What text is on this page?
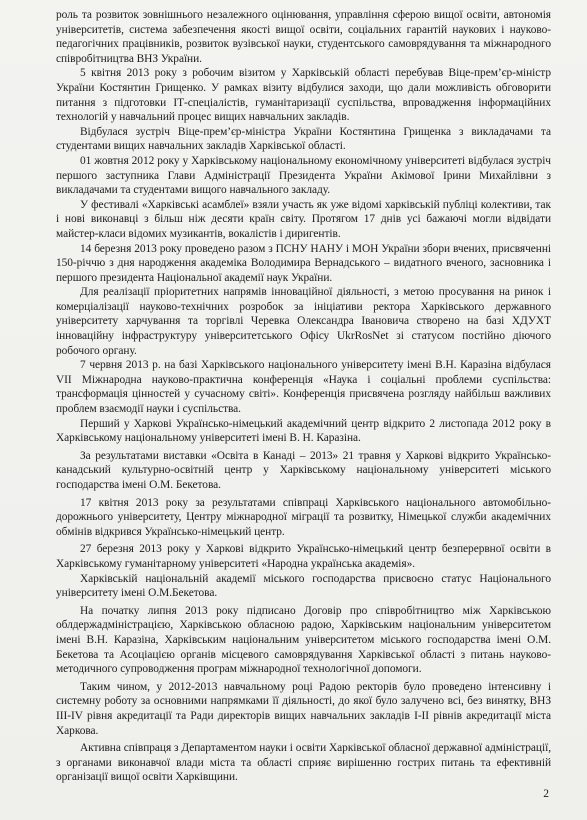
роль та розвиток зовнішнього незалежного оцінювання, управління сферою вищої освіти, автономія університетів, система забезпечення якості вищої освіти, соціальних гарантій наукових і науково-педагогічних працівників, розвиток вузівської науки, студентського самоврядування та міжнародного співробітництва ВНЗ України.

5 квітня 2013 року з робочим візитом у Харківській області перебував Віце-прем’єр-міністр України Костянтин Грищенко. У рамках візиту відбулися заходи, що дали можливість обговорити питання з підготовки ІТ-спеціалістів, гуманітаризації суспільства, впровадження інформаційних технологій у навчальний процес вищих навчальних закладів.

Відбулася зустріч Віце-прем’єр-міністра України Костянтина Грищенка з викладачами та студентами вищих навчальних закладів Харківської області.

01 жовтня 2012 року у Харківському національному економічному університеті відбулася зустріч першого заступника Глави Адміністрації Президента України Акімової Ірини Михайлівни з викладачами та студентами вищого навчального закладу.

У фестивалі «Харківські асамблеї» взяли участь як уже відомі харківській публіці колективи, так і нові виконавці з більш ніж десяти країн світу. Протягом 17 днів усі бажаючі могли відвідати майстер-класи відомих музикантів, вокалістів і диригентів.

14 березня 2013 року проведено разом з ПСНУ НАНУ і МОН України збори вчених, присвяченні 150-річчю з дня народження академіка Володимира Вернадського – видатного вченого, засновника і першого президента Національної академії наук України.

Для реалізації пріоритетних напрямів інноваційної діяльності, з метою просування на ринок і комерціалізації науково-технічних розробок за ініціативи ректора Харківського державного університету харчування та торгівлі Черевка Олександра Івановича створено на базі ХДУХТ інноваційну інфраструктуру університетського Офісу UkrRosNet зі статусом постійно діючого робочого органу.

7 червня 2013 р. на базі Харківського національного університету імені В.Н. Каразіна відбулася VII Міжнародна науково-практична конференція «Наука і соціальні проблеми суспільства: трансформація цінностей у сучасному світі». Конференція присвячена розгляду найбільш важливих проблем взаємодії науки і суспільства.

Перший у Харкові Українсько-німецький академічний центр відкрито 2 листопада 2012 року в Харківському національному університеті імені В. Н. Каразіна.

За результатами виставки «Освіта в Канаді – 2013» 21 травня у Харкові відкрито Українсько-канадський культурно-освітній центр у Харківському національному університеті міського господарства імені О.М. Бекетова.

17 квітня 2013 року за результатами співпраці Харківського національного автомобільно-дорожнього університету, Центру міжнародної міграції та розвитку, Німецької служби академічних обмінів відкрився Українсько-німецький центр.

27 березня 2013 року у Харкові відкрито Українсько-німецький центр безперервної освіти в Харківському гуманітарному університеті «Народна українська академія».

Харківській національній академії міського господарства присвоєно статус Національного університету імені О.М.Бекетова.

На початку липня 2013 року підписано Договір про співробітництво між Харківською облдержадміністрацією, Харківською обласною радою, Харківським національним університетом імені В.Н. Каразіна, Харківським національним університетом міського господарства імені О.М. Бекетова та Асоціацією органів місцевого самоврядування Харківської області з питань науково-методичного супроводження програм міжнародної технологічної допомоги.

Таким чином, у 2012-2013 навчальному році Радою ректорів було проведено інтенсивну і системну роботу за основними напрямками її діяльності, до якої було залучено всі, без винятку, ВНЗ ІІІ-IV рівня акредитації та Ради директорів вищих навчальних закладів І-ІІ рівнів акредитації міста Харкова.

Активна співпраця з Департаментом науки і освіти Харківської обласної державної адміністрації, з органами виконавчої влади міста та області сприяє вирішенню гострих питань та ефективній організації вищої освіти Харківщини.

2
